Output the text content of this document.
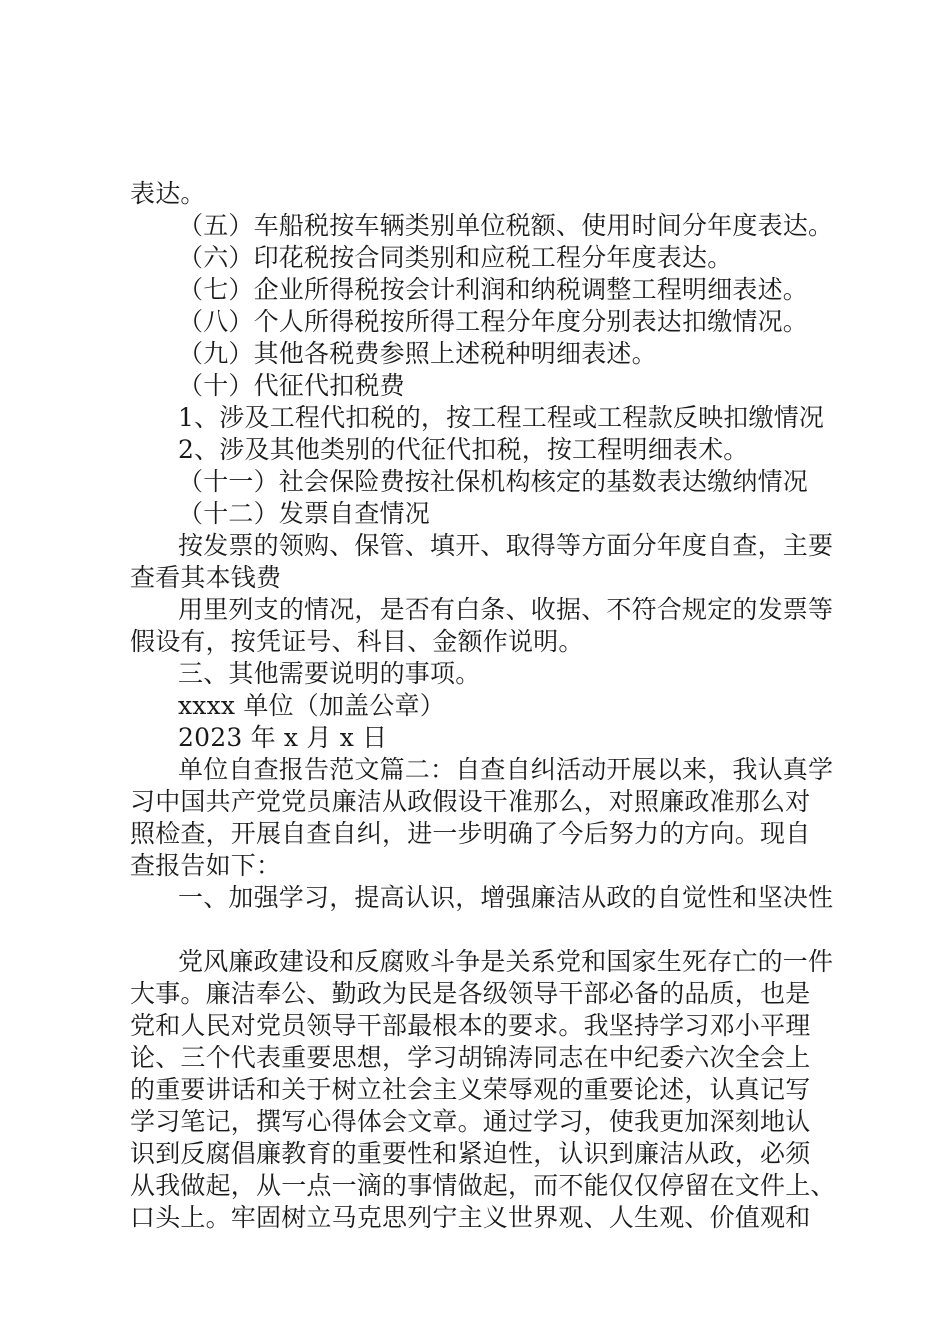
表达。
（五）车船税按车辆类别单位税额、使用时间分年度表达。
（六）印花税按合同类别和应税工程分年度表达。
（七）企业所得税按会计利润和纳税调整工程明细表述。
（八）个人所得税按所得工程分年度分别表达扣缴情况。
（九）其他各税费参照上述税种明细表述。
（十）代征代扣税费
1、涉及工程代扣税的，按工程工程或工程款反映扣缴情况
2、涉及其他类别的代征代扣税，按工程明细表术。
（十一）社会保险费按社保机构核定的基数表达缴纳情况
（十二）发票自查情况
按发票的领购、保管、填开、取得等方面分年度自查，主要
查看其本钱费
用里列支的情况，是否有白条、收据、不符合规定的发票等
假设有，按凭证号、科目、金额作说明。
三、其他需要说明的事项。
xxxx 单位（加盖公章）
2023 年 x 月 x 日
单位自查报告范文篇二：自查自纠活动开展以来，我认真学
习中国共产党党员廉洁从政假设干准那么，对照廉政准那么对
照检查，开展自查自纠，进一步明确了今后努力的方向。现自
查报告如下：
一、加强学习，提高认识，增强廉洁从政的自觉性和坚决性
党风廉政建设和反腐败斗争是关系党和国家生死存亡的一件
大事。廉洁奉公、勤政为民是各级领导干部必备的品质，也是
党和人民对党员领导干部最根本的要求。我坚持学习邓小平理
论、三个代表重要思想，学习胡锦涛同志在中纪委六次全会上
的重要讲话和关于树立社会主义荣辱观的重要论述，认真记写
学习笔记，撰写心得体会文章。通过学习，使我更加深刻地认
识到反腐倡廉教育的重要性和紧迫性，认识到廉洁从政，必须
从我做起，从一点一滴的事情做起，而不能仅仅停留在文件上、
口头上。牢固树立马克思列宁主义世界观、人生观、价值观和
